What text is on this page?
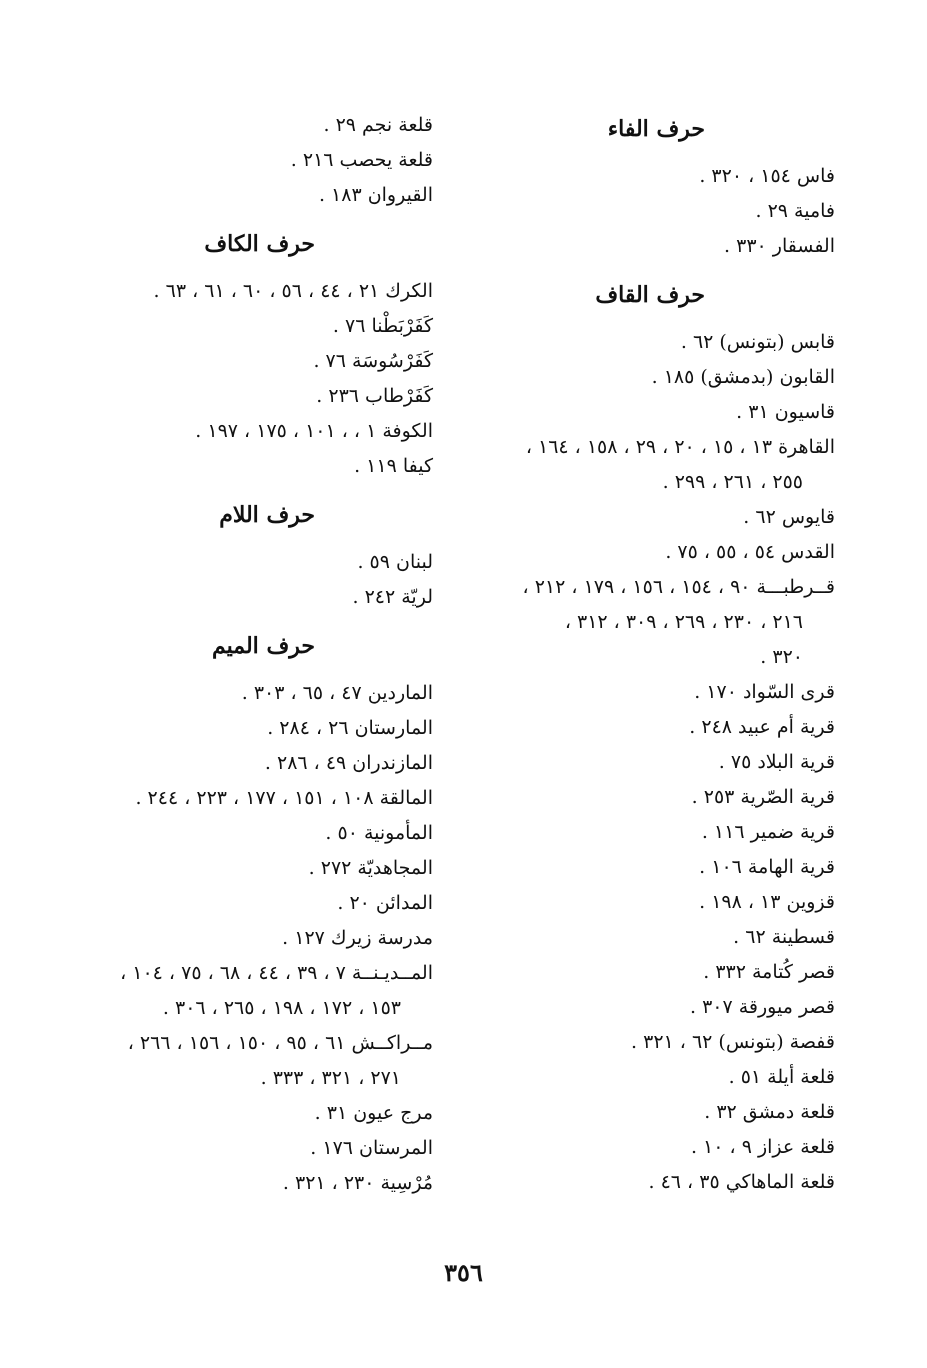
حرف الفاء
فاس ١٥٤ ، ٣٢٠ .
فامية ٢٩ .
الفسقار ٣٣٠ .
حرف القاف
قابس (بتونس) ٦٢ .
القابون (بدمشق) ١٨٥ .
قاسيون ٣١ .
القاهرة ١٣ ، ١٥ ، ٢٠ ، ٢٩ ، ١٥٨ ، ١٦٤ ،
٢٥٥ ، ٢٦١ ، ٢٩٩ .
قايوس ٦٢ .
القدس ٥٤ ، ٥٥ ، ٧٥ .
قــرطبـــة ٩٠ ، ١٥٤ ، ١٥٦ ، ١٧٩ ، ٢١٢ ،
٢١٦ ، ٢٣٠ ، ٢٦٩ ، ٣٠٩ ، ٣١٢ ،
٣٢٠ .
قرى السّواد ١٧٠ .
قرية أم عبيد ٢٤٨ .
قرية البلاد ٧٥ .
قرية الصّرية ٢٥٣ .
قرية ضمير ١١٦ .
قرية الهامة ١٠٦ .
قزوين ١٣ ، ١٩٨ .
قسطينة ٦٢ .
قصر كُتامة ٣٣٢ .
قصر ميورقة ٣٠٧ .
قفصة (بتونس) ٦٢ ، ٣٢١ .
قلعة أيلة ٥١ .
قلعة دمشق ٣٢ .
قلعة عزاز ٩ ، ١٠ .
قلعة الماهاكي ٣٥ ، ٤٦ .
قلعة نجم ٢٩ .
قلعة يحصب ٢١٦ .
القيروان ١٨٣ .
حرف الكاف
الكرك ٢١ ، ٤٤ ، ٥٦ ، ٦٠ ، ٦١ ، ٦٣ .
كَفَرْبَطْنا ٧٦ .
كَفَرْسُوسَة ٧٦ .
كَفَرْطاب ٢٣٦ .
الكوفة ١ ، ، ١٠١ ، ١٧٥ ، ١٩٧ .
كيفا ١١٩ .
حرف اللام
لبنان ٥٩ .
لريّة ٢٤٢ .
حرف الميم
الماردين ٤٧ ، ٦٥ ، ٣٠٣ .
المارستان ٢٦ ، ٢٨٤ .
المازندران ٤٩ ، ٢٨٦ .
المالقة ١٠٨ ، ١٥١ ، ١٧٧ ، ٢٢٣ ، ٢٤٤ .
المأمونية ٥٠ .
المجاهديّة ٢٧٢ .
المدائن ٢٠ .
مدرسة زيرك ١٢٧ .
المــديـنــة ٧ ، ٣٩ ، ٤٤ ، ٦٨ ، ٧٥ ، ١٠٤ ،
١٥٣ ، ١٧٢ ، ١٩٨ ، ٢٦٥ ، ٣٠٦ .
مــراكــش ٦١ ، ٩٥ ، ١٥٠ ، ١٥٦ ، ٢٦٦ ،
٢٧١ ، ٣٢١ ، ٣٣٣ .
مرج عيون ٣١ .
المرستان ١٧٦ .
مُرْسِية ٢٣٠ ، ٣٢١ .
٣٥٦
